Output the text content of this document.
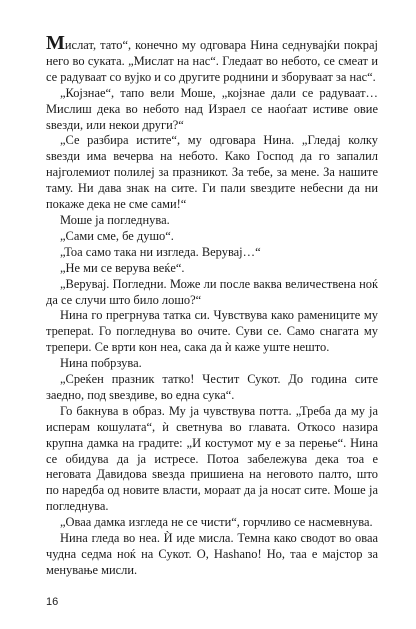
Мислат, тато“, конечно му одговара Нина седнувајќи покрај него во суката. „Мислат на нас“. Гледаат во небото, се смеат и се радуваат со вујко и со другите роднини и зборуваат за нас“.

„Којзнае“, тапо вели Моше, „којзнае дали се радуваат… Мислиш дека во небото над Израел се наоѓаат истиве овие ѕвезди, или некои други?“

„Се разбира истите“, му одговара Нина. „Гледај колку ѕвезди има вечерва на небото. Како Господ да го запалил најголемиот полилеј за празникот. За тебе, за мене. За нашите таму. Ни дава знак на сите. Ги пали ѕвездите небесни да ни покаже дека не сме сами!“

Моше ја погледнува.

„Сами сме, бе душо“.

„Тоа само така ни изгледа. Верувај…“

„Не ми се верува веќе“.

„Верувај. Погледни. Може ли после ваква величествена ноќ да се случи што било лошо?“

Нина го прегрнува татка си. Чувствува како рамениците му трепераt. Го погледнува во очите. Суви се. Само снагата му трепери. Се врти кон неа, сака да ѝ каже уште нешто.

Нина побрзува.

„Среќен празник татко! Честит Сукот. До година сите заедно, под ѕвездиве, во една сука“.

Го бакнува в образ. Му ја чувствува потта. „Треба да му ја исперам кошулата“, ѝ светнува во главата. Откосо назира крупна дамка на градите: „И костумот му е за перење“. Нина се обидува да ја истресе. Потоа забележува дека тоа е неговата Давидова ѕвезда пришиена на неговото палто, што по наредба од новите власти, мораат да ја носат сите. Моше ја погледнува.

„Оваа дамка изгледа не се чисти“, горчливо се насмевнува.

Нина гледа во неа. Ѝ идe мисла. Темна како сводот во оваа чудна седма ноќ на Сукот. О, Hashano! Но, таа е мајстор за менување мисли.

16
